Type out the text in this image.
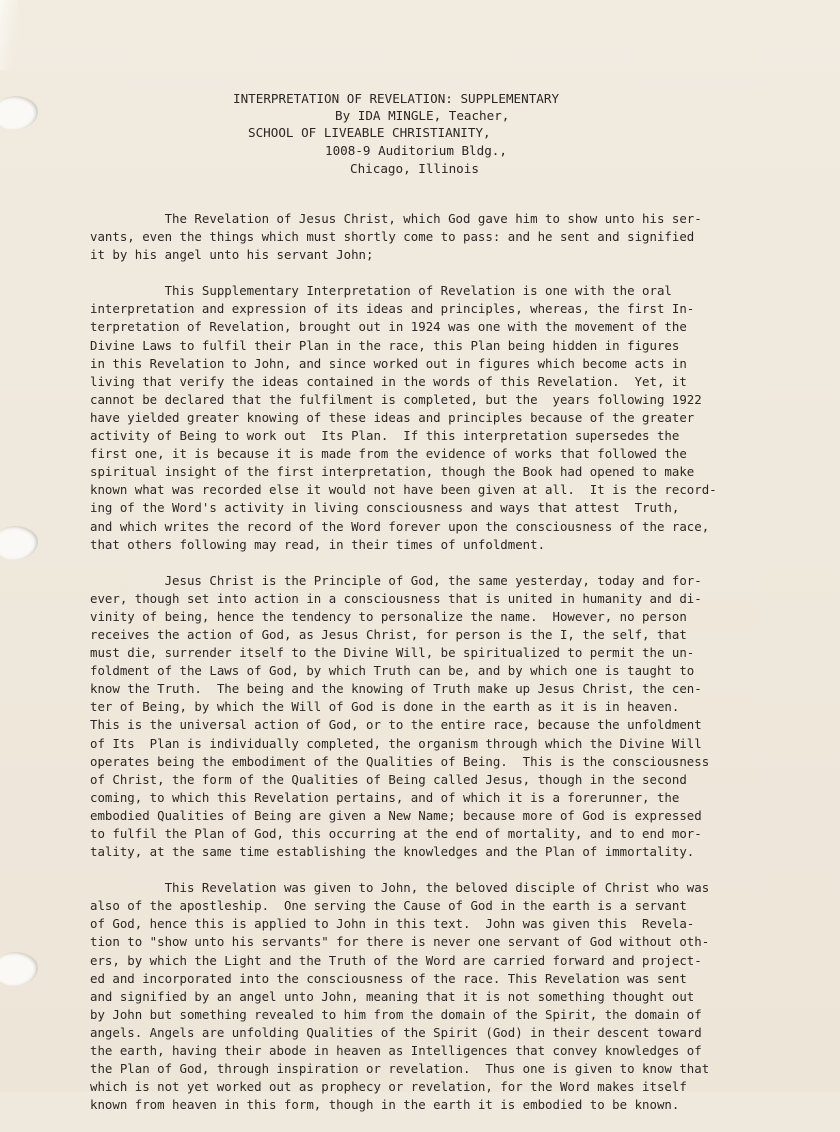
INTERPRETATION OF REVELATION: SUPPLEMENTARY
By IDA MINGLE, Teacher,
SCHOOL OF LIVEABLE CHRISTIANITY,
1008-9 Auditorium Bldg.,
Chicago, Illinois
The Revelation of Jesus Christ, which God gave him to show unto his ser-
vants, even the things which must shortly come to pass: and he sent and signified
it by his angel unto his servant John;
This Supplementary Interpretation of Revelation is one with the oral
interpretation and expression of its ideas and principles, whereas, the first In-
terpretation of Revelation, brought out in 1924 was one with the movement of the
Divine Laws to fulfil their Plan in the race, this Plan being hidden in figures
in this Revelation to John, and since worked out in figures which become acts in
living that verify the ideas contained in the words of this Revelation.  Yet, it
cannot be declared that the fulfilment is completed, but the  years following 1922
have yielded greater knowing of these ideas and principles because of the greater
activity of Being to work out  Its Plan.  If this interpretation supersedes the
first one, it is because it is made from the evidence of works that followed the
spiritual insight of the first interpretation, though the Book had opened to make
known what was recorded else it would not have been given at all.  It is the record-
ing of the Word's activity in living consciousness and ways that attest  Truth,
and which writes the record of the Word forever upon the consciousness of the race,
that others following may read, in their times of unfoldment.
Jesus Christ is the Principle of God, the same yesterday, today and for-
ever, though set into action in a consciousness that is united in humanity and di-
vinity of being, hence the tendency to personalize the name.  However, no person
receives the action of God, as Jesus Christ, for person is the I, the self, that
must die, surrender itself to the Divine Will, be spiritualized to permit the un-
foldment of the Laws of God, by which Truth can be, and by which one is taught to
know the Truth.  The being and the knowing of Truth make up Jesus Christ, the cen-
ter of Being, by which the Will of God is done in the earth as it is in heaven.
This is the universal action of God, or to the entire race, because the unfoldment
of Its  Plan is individually completed, the organism through which the Divine Will
operates being the embodiment of the Qualities of Being.  This is the consciousness
of Christ, the form of the Qualities of Being called Jesus, though in the second
coming, to which this Revelation pertains, and of which it is a forerunner, the
embodied Qualities of Being are given a New Name; because more of God is expressed
to fulfil the Plan of God, this occurring at the end of mortality, and to end mor-
tality, at the same time establishing the knowledges and the Plan of immortality.
This Revelation was given to John, the beloved disciple of Christ who was
also of the apostleship.  One serving the Cause of God in the earth is a servant
of God, hence this is applied to John in this text.  John was given this  Revela-
tion to "show unto his servants" for there is never one servant of God without oth-
ers, by which the Light and the Truth of the Word are carried forward and project-
ed and incorporated into the consciousness of the race. This Revelation was sent
and signified by an angel unto John, meaning that it is not something thought out
by John but something revealed to him from the domain of the Spirit, the domain of
angels. Angels are unfolding Qualities of the Spirit (God) in their descent toward
the earth, having their abode in heaven as Intelligences that convey knowledges of
the Plan of God, through inspiration or revelation.  Thus one is given to know that
which is not yet worked out as prophecy or revelation, for the Word makes itself
known from heaven in this form, though in the earth it is embodied to be known.
